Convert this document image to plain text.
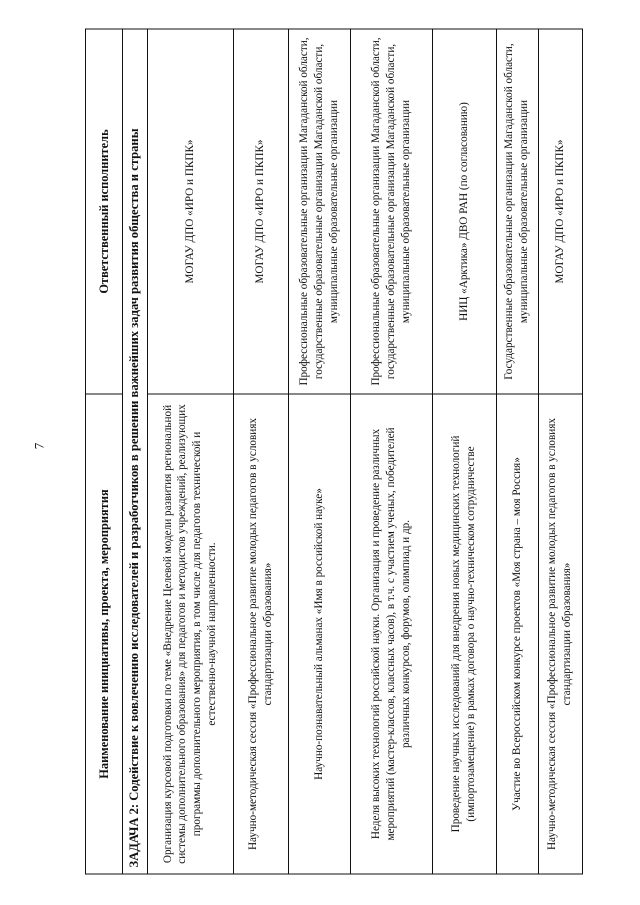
7
Наименование инициативы, проекта, мероприятия	Ответственный исполнитель
ЗАДАЧА 2: Содействие к вовлечению исследователей и разработчиков в решении важнейших задач развития общества и страны	
Организация курсовой подготовки по теме «Внедрение Целевой модели развития региональной системы дополнительного образования» для педагогов и методистов учреждений, реализующих программы дополнительного мероприятия, в том числе для педагогов технической и естественно-научной направленности.	МОГАУ ДПО «ИРО и ПКПК»
Научно-методическая сессия «Профессиональное развитие молодых педагогов в условиях стандартизации образования»	МОГАУ ДПО «ИРО и ПКПК»
Научно-познавательный альманах «Имя в российской науке»	Профессиональные образовательные организации Магаданской области, государственные образовательные организации Магаданской области, муниципальные образовательные организации
Неделя высоких технологий российской науки. Организация и проведение различных мероприятий (мастер-классов, классных часов), в т.ч. с участием ученых, победителей различных конкурсов, форумов, олимпиад и др.	Профессиональные образовательные организации Магаданской области, государственные образовательные организации Магаданской области, муниципальные образовательные организации
Проведение научных исследований для внедрения новых медицинских технологий (импортозамещение) в рамках договора о научно-техническом сотрудничестве	НИЦ «Арктика» ДВО РАН (по согласованию)
Участие во Всероссийском конкурсе проектов «Моя страна – моя Россия»	Государственные образовательные организации Магаданской области, муниципальные образовательные организации
Научно-методическая сессия «Профессиональное развитие молодых педагогов в условиях стандартизации образования»	МОГАУ ДПО «ИРО и ПКПК»
